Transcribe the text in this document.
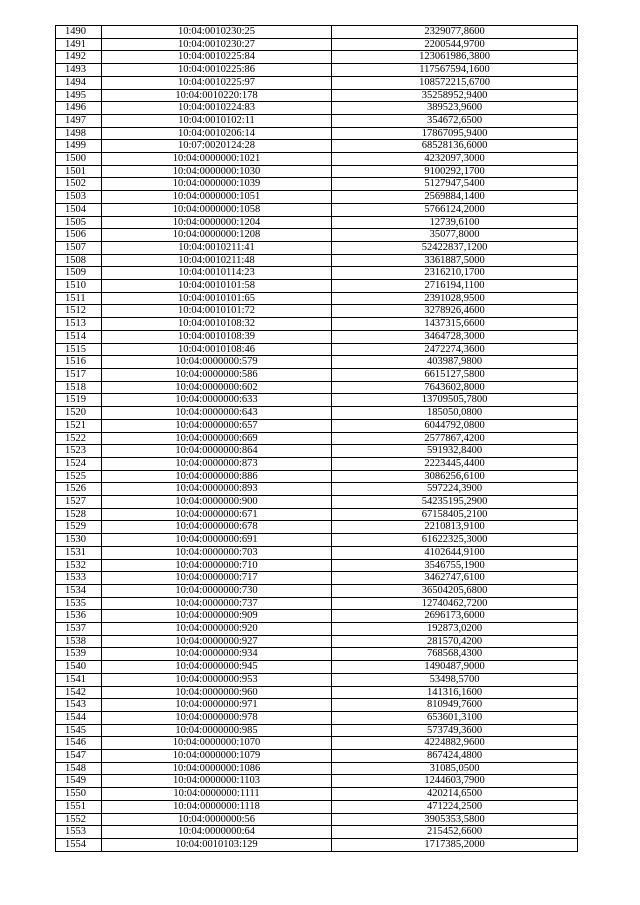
1490	10:04:0010230:25	2329077,8600
1491	10:04:0010230:27	2200544,9700
1492	10:04:0010225:84	123061986,3800
1493	10:04:0010225:86	117567594,1600
1494	10:04:0010225:97	108572215,6700
1495	10:04:0010220:178	35258952,9400
1496	10:04:0010224:83	389523,9600
1497	10:04:0010102:11	354672,6500
1498	10:04:0010206:14	17867095,9400
1499	10:07:0020124:28	68528136,6000
1500	10:04:0000000:1021	4232097,3000
1501	10:04:0000000:1030	9100292,1700
1502	10:04:0000000:1039	5127947,5400
1503	10:04:0000000:1051	2569884,1400
1504	10:04:0000000:1058	5766124,2000
1505	10:04:0000000:1204	12739,6100
1506	10:04:0000000:1208	35077,8000
1507	10:04:0010211:41	52422837,1200
1508	10:04:0010211:48	3361887,5000
1509	10:04:0010114:23	2316210,1700
1510	10:04:0010101:58	2716194,1100
1511	10:04:0010101:65	2391028,9500
1512	10:04:0010101:72	3278926,4600
1513	10:04:0010108:32	1437315,6600
1514	10:04:0010108:39	3464728,3000
1515	10:04:0010108:46	2472274,3600
1516	10:04:0000000:579	403987,9800
1517	10:04:0000000:586	6615127,5800
1518	10:04:0000000:602	7643602,8000
1519	10:04:0000000:633	13709505,7800
1520	10:04:0000000:643	185050,0800
1521	10:04:0000000:657	6044792,0800
1522	10:04:0000000:669	2577867,4200
1523	10:04:0000000:864	591932,8400
1524	10:04:0000000:873	2223445,4400
1525	10:04:0000000:886	3086256,6100
1526	10:04:0000000:893	597224,3900
1527	10:04:0000000:900	54235195,2900
1528	10:04:0000000:671	67158405,2100
1529	10:04:0000000:678	2210813,9100
1530	10:04:0000000:691	61622325,3000
1531	10:04:0000000:703	4102644,9100
1532	10:04:0000000:710	3546755,1900
1533	10:04:0000000:717	3462747,6100
1534	10:04:0000000:730	36504205,6800
1535	10:04:0000000:737	12740462,7200
1536	10:04:0000000:909	2696173,6000
1537	10:04:0000000:920	192873,0200
1538	10:04:0000000:927	281570,4200
1539	10:04:0000000:934	768568,4300
1540	10:04:0000000:945	1490487,9000
1541	10:04:0000000:953	53498,5700
1542	10:04:0000000:960	141316,1600
1543	10:04:0000000:971	810949,7600
1544	10:04:0000000:978	653601,3100
1545	10:04:0000000:985	573749,3600
1546	10:04:0000000:1070	4224882,9600
1547	10:04:0000000:1079	867424,4800
1548	10:04:0000000:1086	31085,0500
1549	10:04:0000000:1103	1244603,7900
1550	10:04:0000000:1111	420214,6500
1551	10:04:0000000:1118	471224,2500
1552	10:04:0000000:56	3905353,5800
1553	10:04:0000000:64	215452,6600
1554	10:04:0010103:129	1717385,2000
